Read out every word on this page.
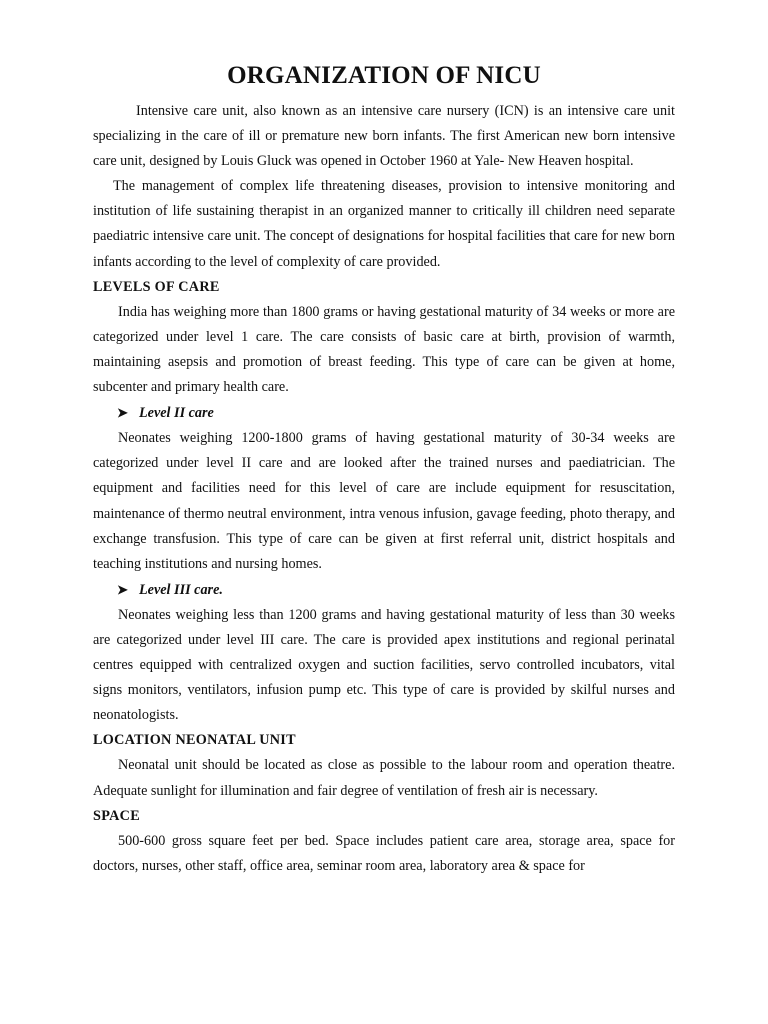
ORGANIZATION OF NICU

Intensive care unit, also known as an intensive care nursery (ICN) is an intensive care unit specializing in the care of ill or premature new born infants. The first American new born intensive care unit, designed by Louis Gluck was opened in October 1960 at Yale- New Heaven hospital.

The management of complex life threatening diseases, provision to intensive monitoring and institution of life sustaining therapist in an organized manner to critically ill children need separate paediatric intensive care unit. The concept of designations for hospital facilities that care for new born infants according to the level of complexity of care provided.

LEVELS OF CARE

India has weighing more than 1800 grams or having gestational maturity of 34 weeks or more are categorized under level 1 care. The care consists of basic care at birth, provision of warmth, maintaining asepsis and promotion of breast feeding. This type of care can be given at home, subcenter and primary health care.

➤ Level II care

Neonates weighing 1200-1800 grams of having gestational maturity of 30-34 weeks are categorized under level II care and are looked after the trained nurses and paediatrician. The equipment and facilities need for this level of care are include equipment for resuscitation, maintenance of thermo neutral environment, intra venous infusion, gavage feeding, photo therapy, and exchange transfusion. This type of care can be given at first referral unit, district hospitals and teaching institutions and nursing homes.

➤ Level III care.

Neonates weighing less than 1200 grams and having gestational maturity of less than 30 weeks are categorized under level III care. The care is provided apex institutions and regional perinatal centres equipped with centralized oxygen and suction facilities, servo controlled incubators, vital signs monitors, ventilators, infusion pump etc. This type of care is provided by skilful nurses and neonatologists.

LOCATION NEONATAL UNIT

Neonatal unit should be located as close as possible to the labour room and operation theatre. Adequate sunlight for illumination and fair degree of ventilation of fresh air is necessary.

SPACE

500-600 gross square feet per bed. Space includes patient care area, storage area, space for doctors, nurses, other staff, office area, seminar room area, laboratory area & space for
